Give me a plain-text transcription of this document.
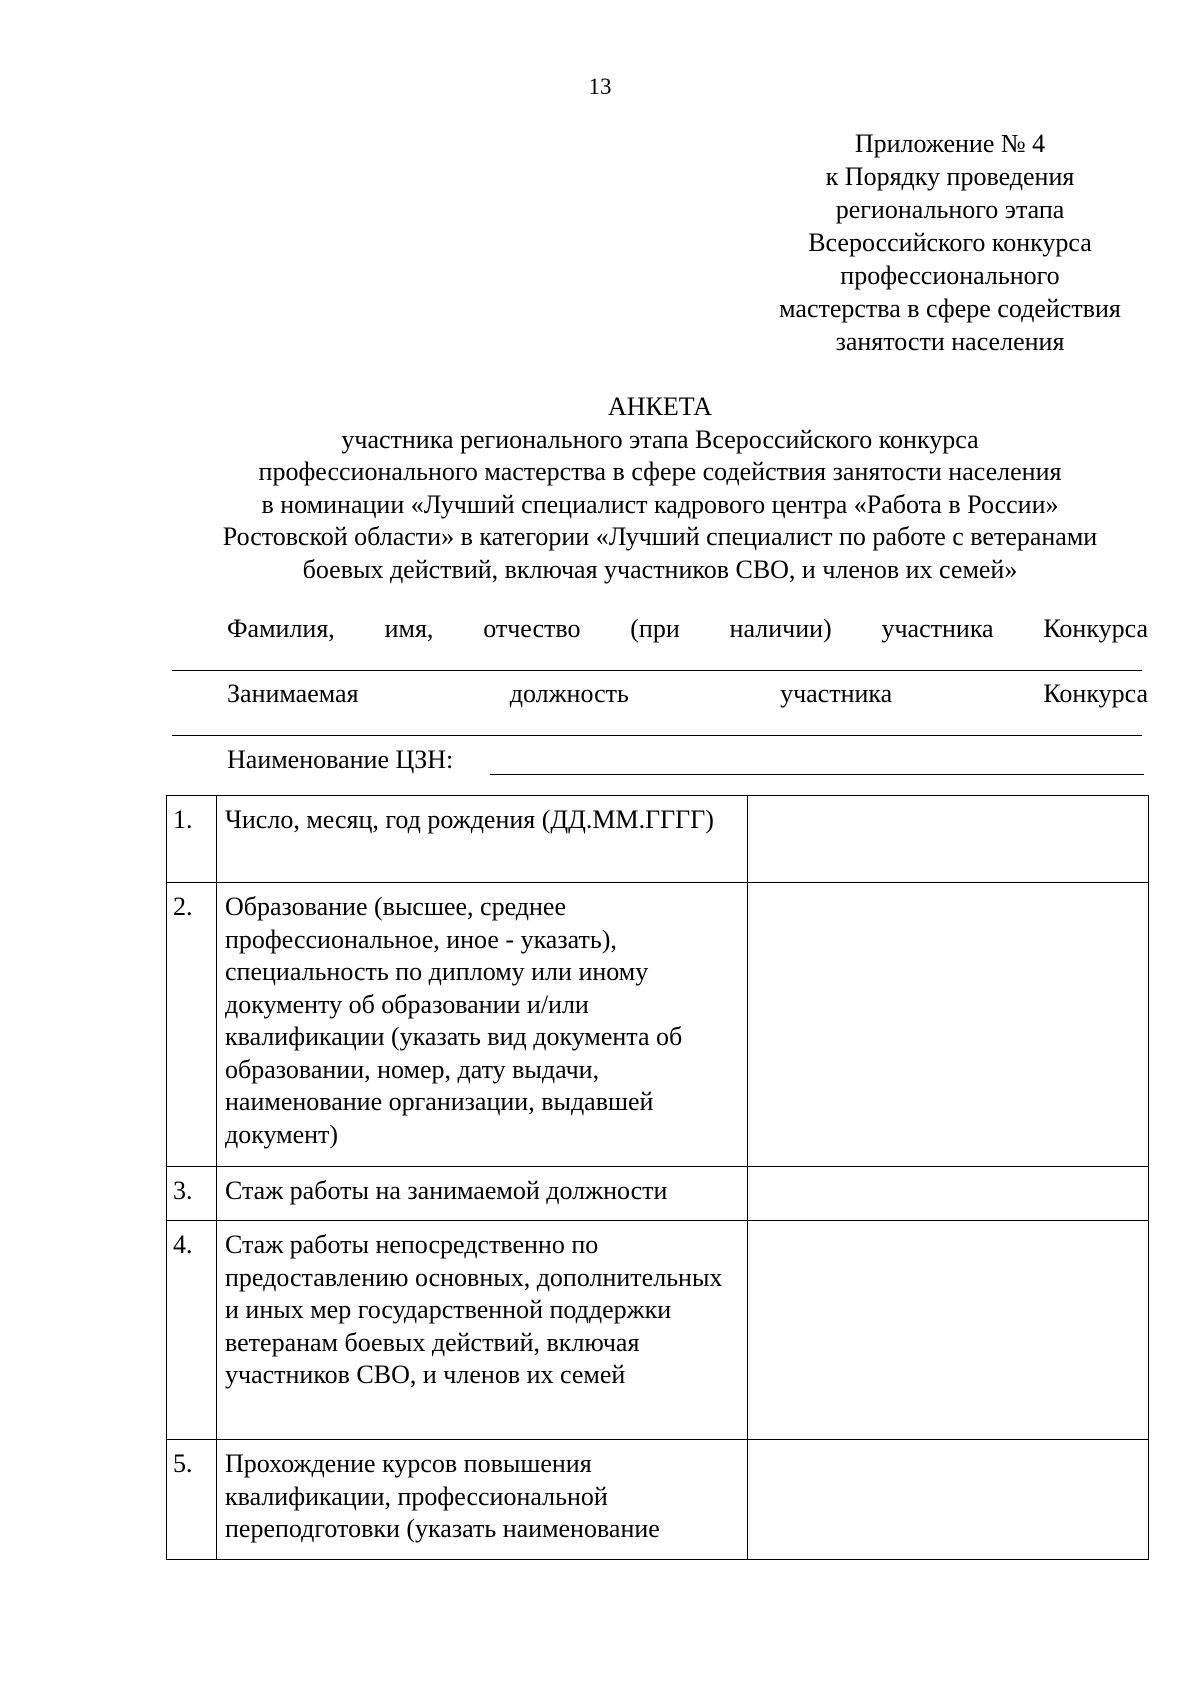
13
Приложение № 4
к Порядку проведения
регионального этапа
Всероссийского конкурса
профессионального
мастерства в сфере содействия
занятости населения
АНКЕТА
участника регионального этапа Всероссийского конкурса
профессионального мастерства в сфере содействия занятости населения
в номинации «Лучший специалист кадрового центра «Работа в России»
Ростовской области» в категории «Лучший специалист по работе с ветеранами
боевых действий, включая участников СВО, и членов их семей»
Фамилия, имя, отчество (при наличии) участника Конкурса
Занимаемая	должность	участника	Конкурса
Наименование ЦЗН:
1.	Число, месяц, год рождения (ДД.ММ.ГГГГ)	
2.	Образование (высшее, среднее профессиональное, иное - указать), специальность по диплому или иному документу об образовании и/или квалификации (указать вид документа об образовании, номер, дату выдачи, наименование организации, выдавшей документ)	
3.	Стаж работы на занимаемой должности	
4.	Стаж работы непосредственно по предоставлению основных, дополнительных и иных мер государственной поддержки ветеранам боевых действий, включая участников СВО, и членов их семей	
5.	Прохождение курсов повышения квалификации, профессиональной переподготовки (указать наименование	
